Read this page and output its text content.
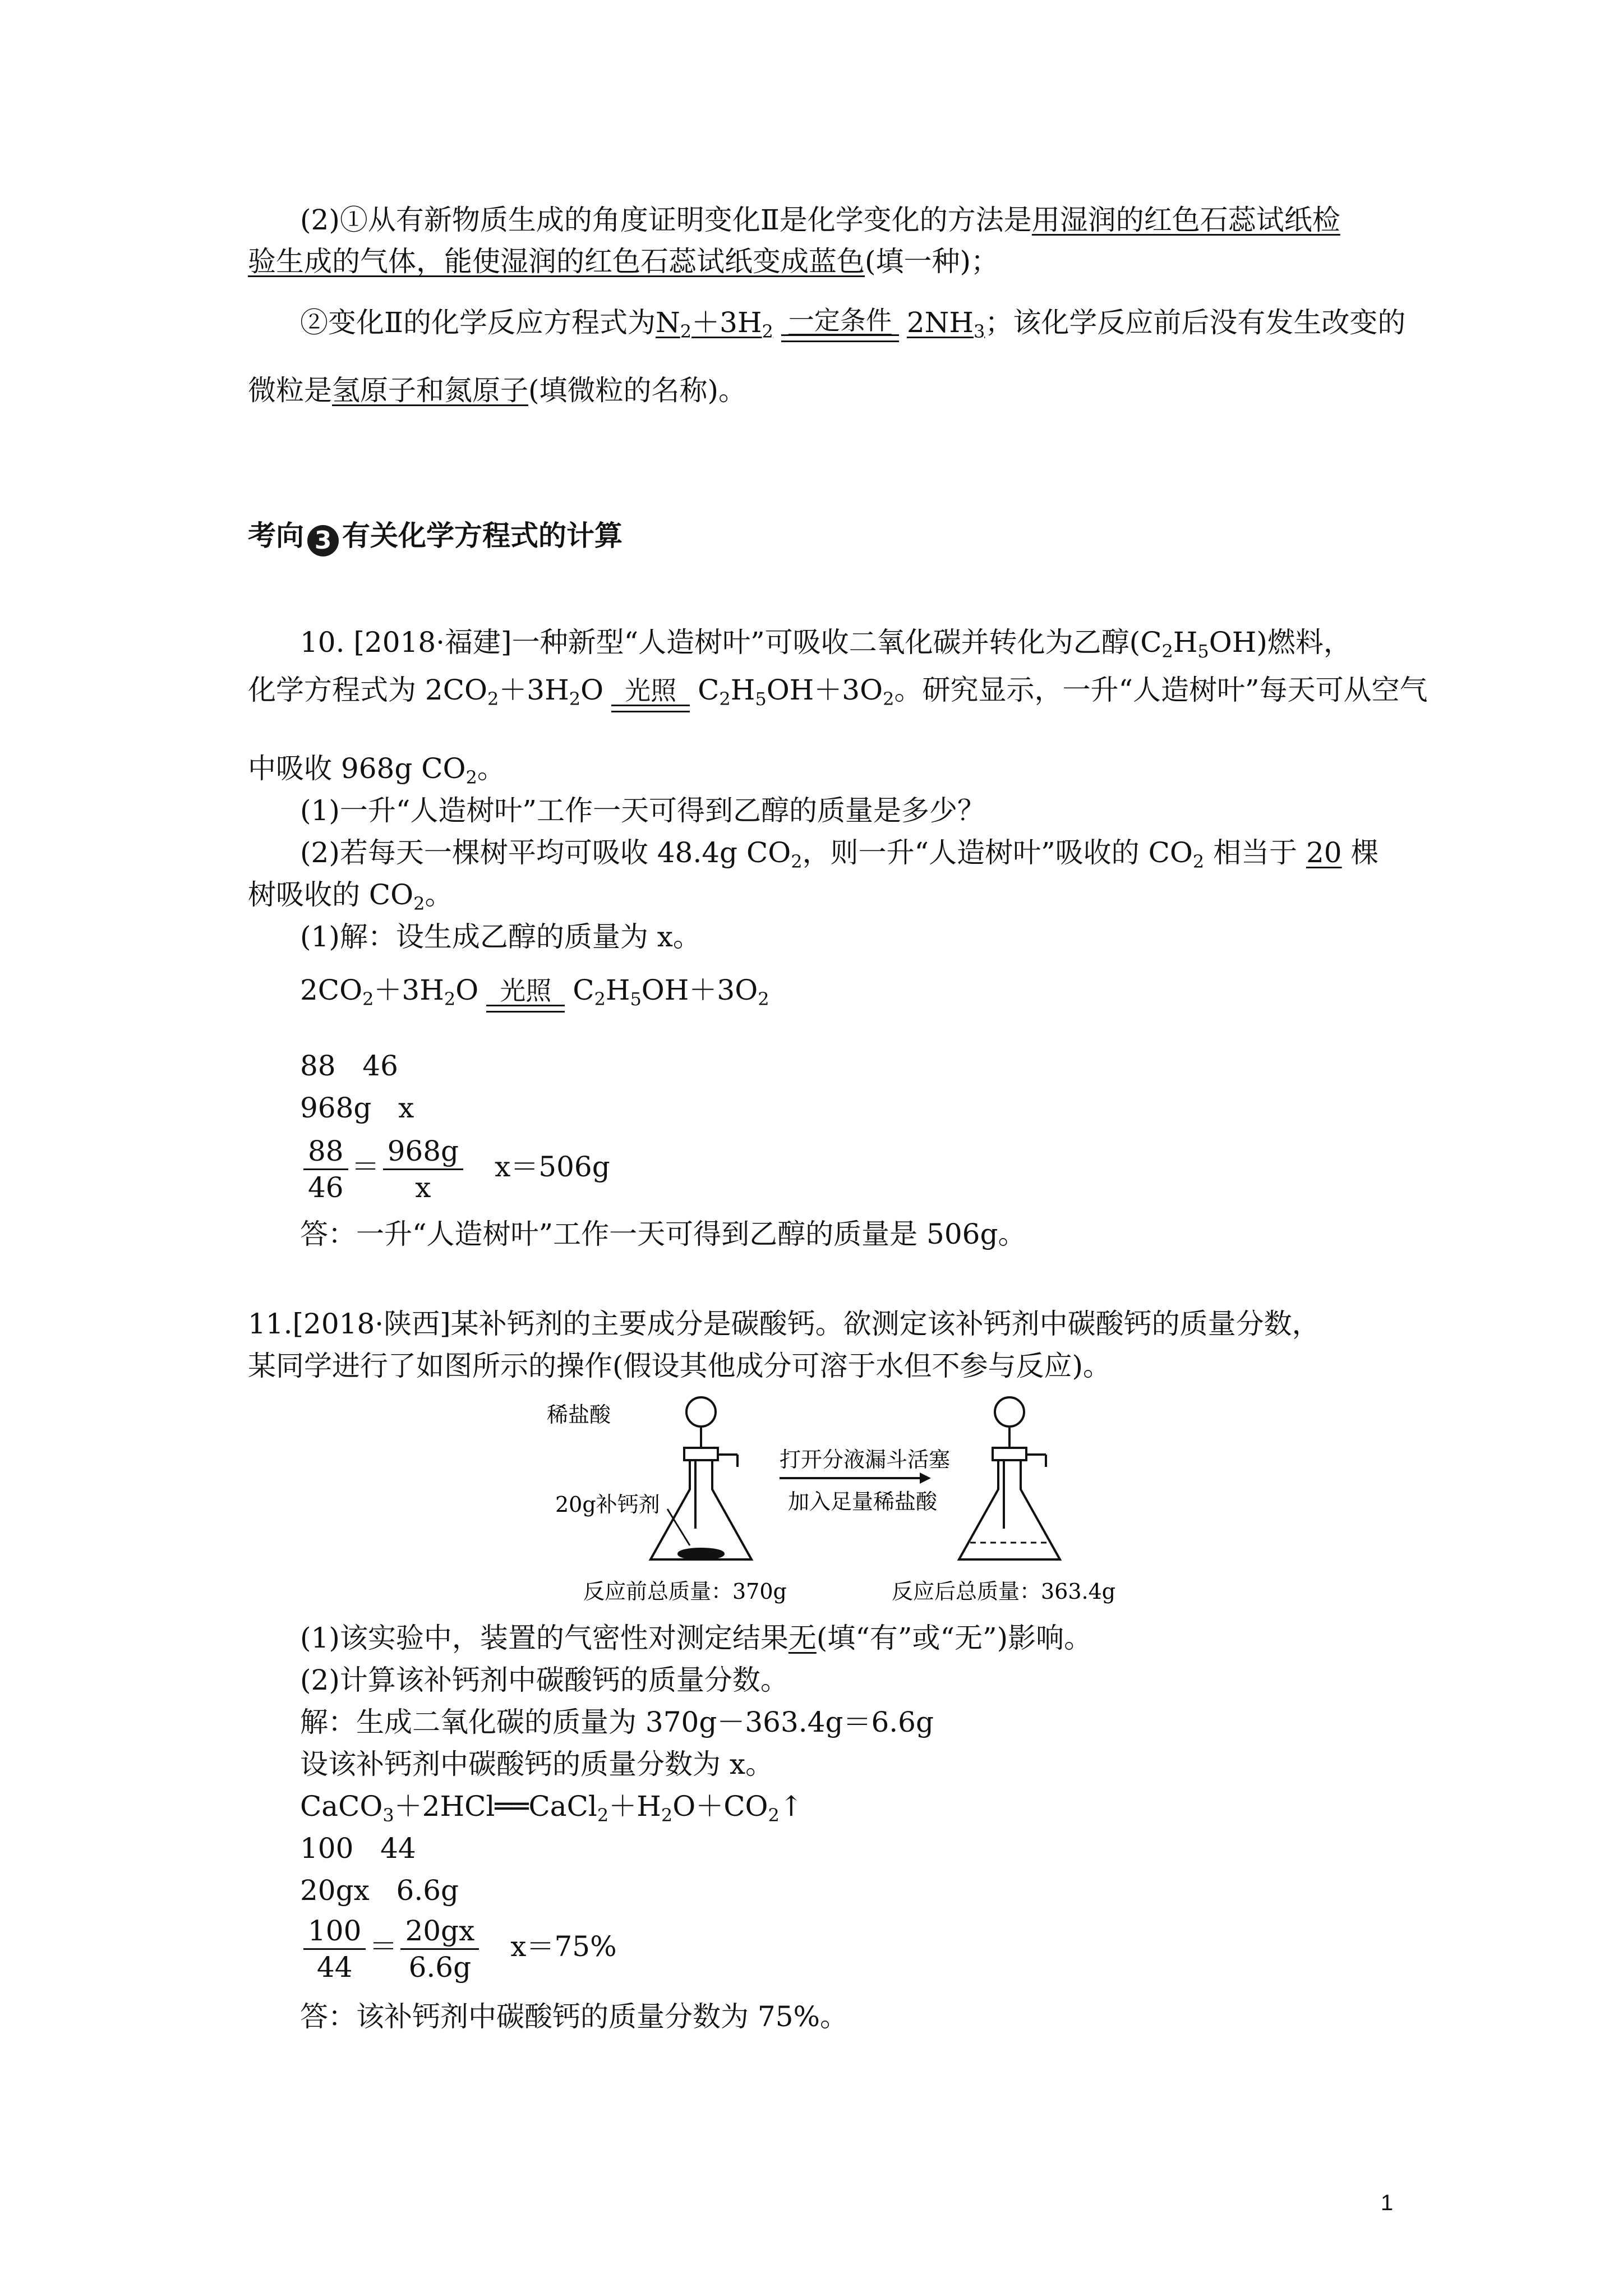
(2)①从有新物质生成的角度证明变化Ⅱ是化学变化的方法是用湿润的红色石蕊试纸检
验生成的气体，能使湿润的红色石蕊试纸变成蓝色(填一种)；
②变化Ⅱ的化学反应方程式为$N_2+3H_2$ 一定条件 $2NH_3$；该化学反应前后没有发生改变的
微粒是氢原子和氮原子(填微粒的名称)。
考向 3 有关化学方程式的计算
10. [2018·福建]一种新型“人造树叶”可吸收二氧化碳并转化为乙醇$(C_2H_5OH)$燃料，
化学方程式为 $2CO_2+3H_2O$ 光照 $C_2H_5OH+3O_2$。研究显示，一升“人造树叶”每天可从空气
中吸收 968g $CO_2$。
(1)一升“人造树叶”工作一天可得到乙醇的质量是多少？
(2)若每天一棵树平均可吸收 48.4g $CO_2$，则一升“人造树叶”吸收的 $CO_2$ 相当于 20 棵
树吸收的 $CO_2$。
(1)解：设生成乙醇的质量为 x。
$2CO_2+3H_2O$ 光照 $C_2H_5OH+3O_2$
88   46
968g   x
$\frac{88}{46} = \frac{968g}{x} x=506g$
答：一升“人造树叶”工作一天可得到乙醇的质量是 506g。
11.[2018·陕西]某补钙剂的主要成分是碳酸钙。欲测定该补钙剂中碳酸钙的质量分数，
某同学进行了如图所示的操作(假设其他成分可溶于水但不参与反应)。
稀盐酸
20g补钙剂
打开分液漏斗活塞
加入足量稀盐酸
反应前总质量：370g	反应后总质量：363.4g
(1)该实验中，装置的气密性对测定结果无(填“有”或“无”)影响。
(2)计算该补钙剂中碳酸钙的质量分数。
解：生成二氧化碳的质量为 370g－363.4g＝6.6g
设该补钙剂中碳酸钙的质量分数为 x。
$CaCO_3+2HCl══CaCl_2+H_2O+CO_2↑$
100   44
20gx   6.6g
$\frac{100}{44} = \frac{20gx}{6.6g} x=75\%$
答：该补钙剂中碳酸钙的质量分数为 75%。
1
